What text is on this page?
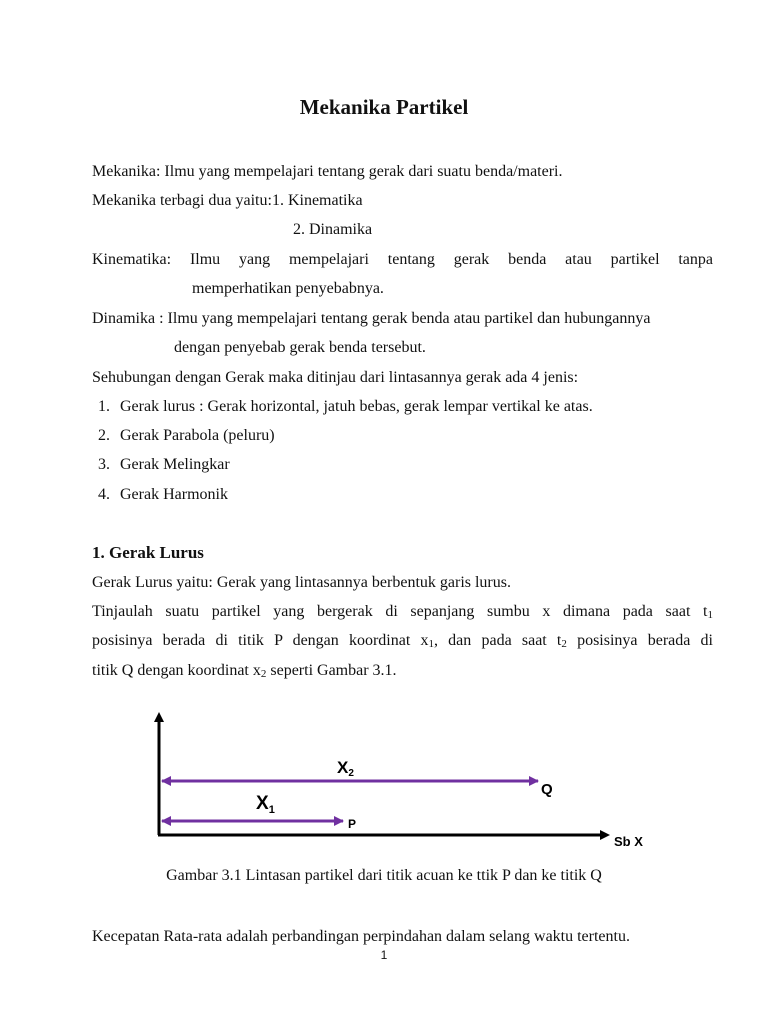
Mekanika Partikel
Mekanika: Ilmu yang mempelajari tentang gerak dari suatu benda/materi.
Mekanika terbagi dua yaitu:1. Kinematika
2. Dinamika
Kinematika: Ilmu yang mempelajari tentang gerak benda atau partikel tanpa
memperhatikan penyebabnya.
Dinamika : Ilmu yang mempelajari tentang gerak benda atau partikel dan hubungannya
dengan penyebab gerak benda tersebut.
Sehubungan dengan Gerak maka ditinjau dari lintasannya gerak ada 4 jenis:
1. Gerak lurus : Gerak horizontal, jatuh bebas, gerak lempar vertikal ke atas.
2. Gerak Parabola (peluru)
3. Gerak Melingkar
4. Gerak Harmonik
1. Gerak Lurus
Gerak Lurus yaitu: Gerak yang lintasannya berbentuk garis lurus.
Tinjaulah suatu partikel yang bergerak di sepanjang sumbu x dimana pada saat $t_1$
posisinya berada di titik P dengan koordinat $x_1$, dan pada saat $t_2$ posisinya berada di
titik Q dengan koordinat $x_2$ seperti Gambar 3.1.
X2
$X_1$
Q
P
Sb X
Gambar 3.1 Lintasan partikel dari titik acuan ke ttik P dan ke titik Q
Kecepatan Rata-rata adalah perbandingan perpindahan dalam selang waktu tertentu.
1
